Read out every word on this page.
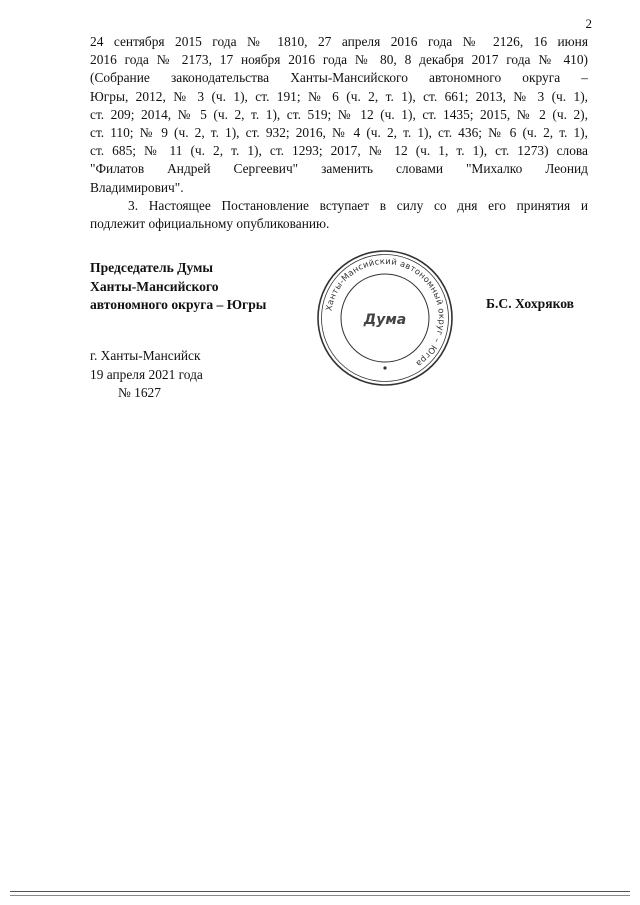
2
24 сентября 2015 года № 1810, 27 апреля 2016 года № 2126, 16 июня
2016 года № 2173, 17 ноября 2016 года № 80, 8 декабря 2017 года № 410)
(Собрание законодательства Ханты-Мансийского автономного округа –
Югры, 2012, № 3 (ч. 1), ст. 191; № 6 (ч. 2, т. 1), ст. 661; 2013, № 3 (ч. 1),
ст. 209; 2014, № 5 (ч. 2, т. 1), ст. 519; № 12 (ч. 1), ст. 1435; 2015, № 2 (ч. 2),
ст. 110; № 9 (ч. 2, т. 1), ст. 932; 2016, № 4 (ч. 2, т. 1), ст. 436; № 6 (ч. 2, т. 1),
ст. 685; № 11 (ч. 2, т. 1), ст. 1293; 2017, № 12 (ч. 1, т. 1), ст. 1273) слова
"Филатов Андрей Сергеевич" заменить словами "Михалко Леонид
Владимирович".
3. Настоящее Постановление вступает в силу со дня его принятия и
подлежит официальному опубликованию.
Председатель Думы
Ханты-Мансийского
автономного округа – Югры	Ханты-Мансийский автономный округ – Югра
Дума
Б.С. Хохряков
г. Ханты-Мансийск
19 апреля 2021 года
№ 1627
